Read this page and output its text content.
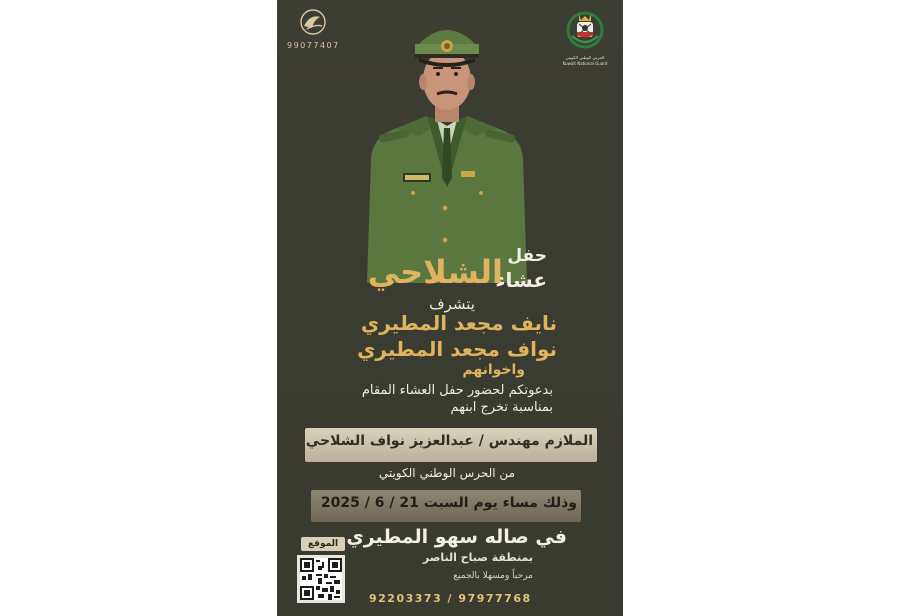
99077407
الحرس الوطني الكويتي
Kuwait National Guard
حفل
عشاء
الشلاحي
يتشرف
نايف مجعد المطيري
نواف مجعد المطيري
واخوانهم
بدعوتكم لحضور حفل العشاء المقام
بمناسبة تخرج ابنهم
الملازم مهندس / عبدالعزيز نواف الشلاحي
من الحرس الوطني الكويتي
وذلك مساء يوم السبت 21 / 6 / 2025
في صاله سهو المطيري
بمنطقة صباح الناصر
مرحباً ومسهلا بالجميع
92203373 / 97977768
الموقع
